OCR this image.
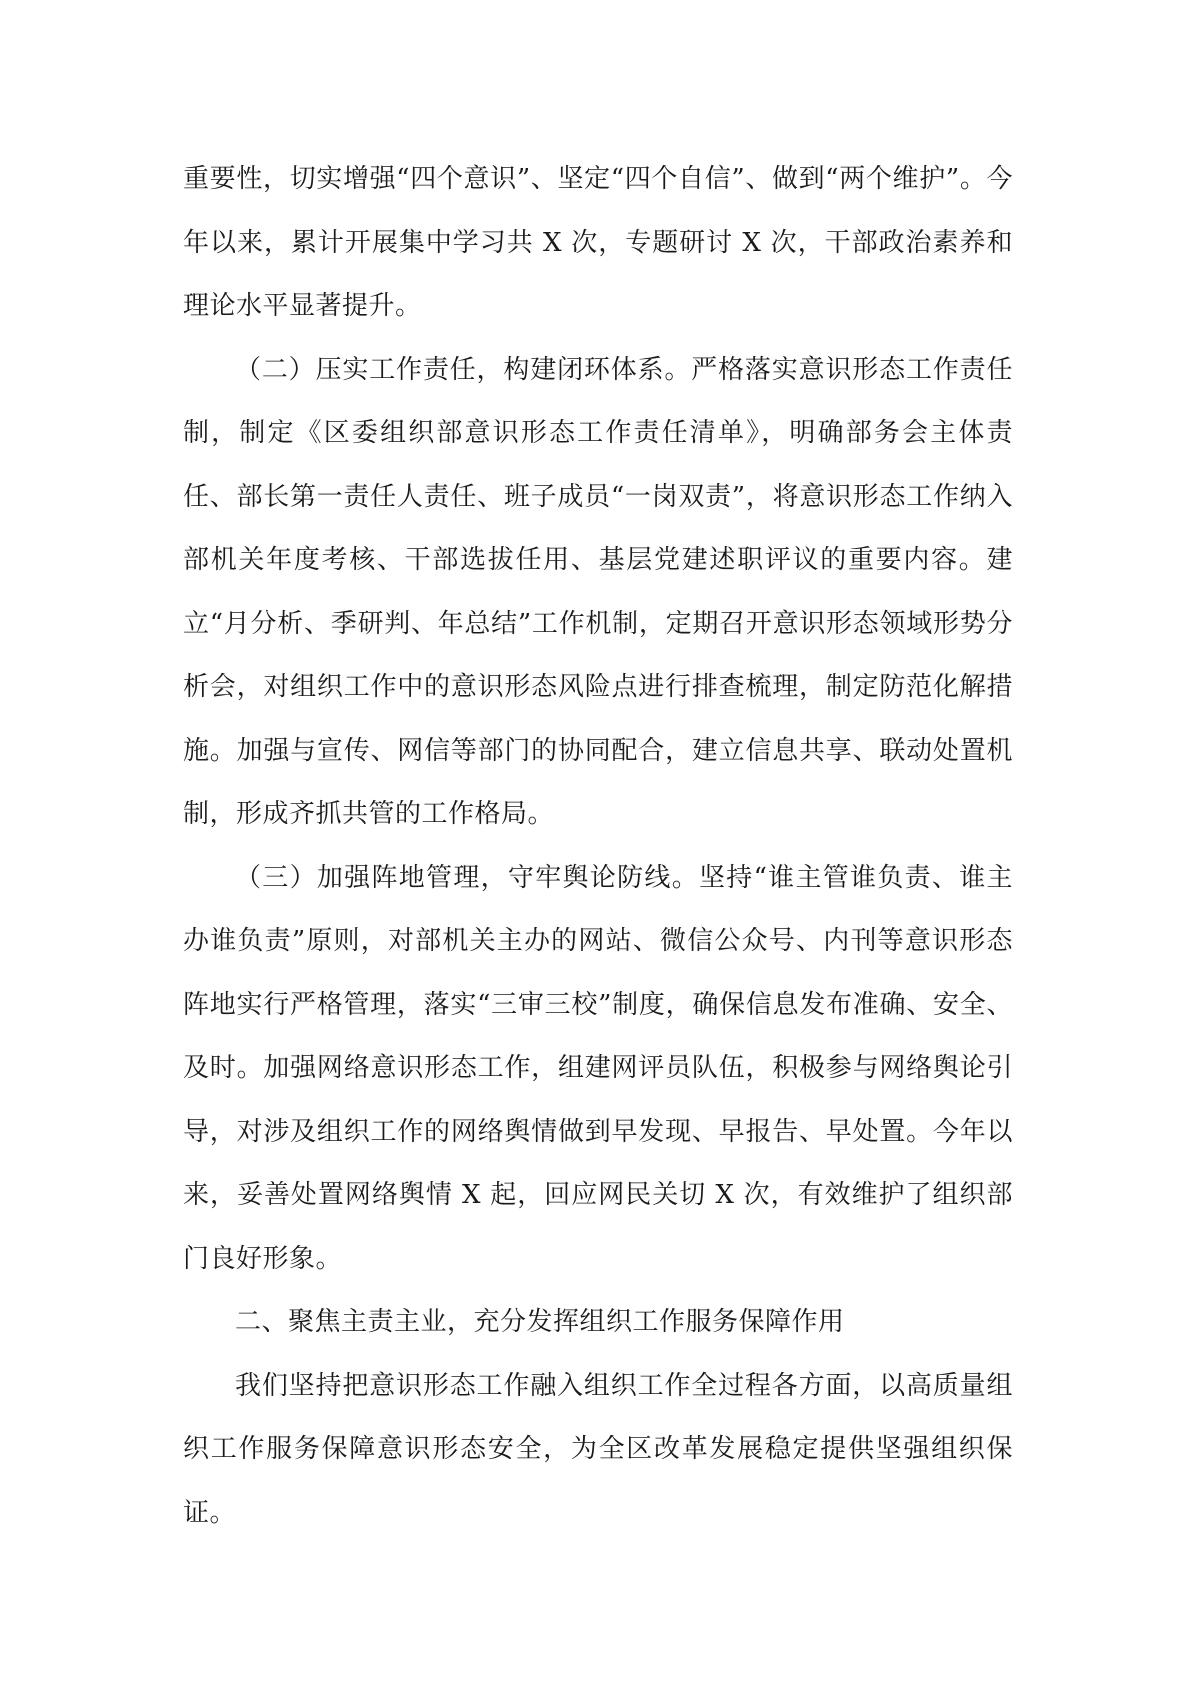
重要性，切实增强“四个意识”、坚定“四个自信”、做到“两个维护”。今年以来，累计开展集中学习共 X 次，专题研讨 X 次，干部政治素养和理论水平显著提升。

（二）压实工作责任，构建闭环体系。严格落实意识形态工作责任制，制定《区委组织部意识形态工作责任清单》，明确部务会主体责任、部长第一责任人责任、班子成员“一岗双责”，将意识形态工作纳入部机关年度考核、干部选拔任用、基层党建述职评议的重要内容。建立“月分析、季研判、年总结”工作机制，定期召开意识形态领域形势分析会，对组织工作中的意识形态风险点进行排查梳理，制定防范化解措施。加强与宣传、网信等部门的协同配合，建立信息共享、联动处置机制，形成齐抓共管的工作格局。

（三）加强阵地管理，守牢舆论防线。坚持“谁主管谁负责、谁主办谁负责”原则，对部机关主办的网站、微信公众号、内刊等意识形态阵地实行严格管理，落实“三审三校”制度，确保信息发布准确、安全、及时。加强网络意识形态工作，组建网评员队伍，积极参与网络舆论引导，对涉及组织工作的网络舆情做到早发现、早报告、早处置。今年以来，妥善处置网络舆情 X 起，回应网民关切 X 次，有效维护了组织部门良好形象。

二、聚焦主责主业，充分发挥组织工作服务保障作用

我们坚持把意识形态工作融入组织工作全过程各方面，以高质量组织工作服务保障意识形态安全，为全区改革发展稳定提供坚强组织保证。
